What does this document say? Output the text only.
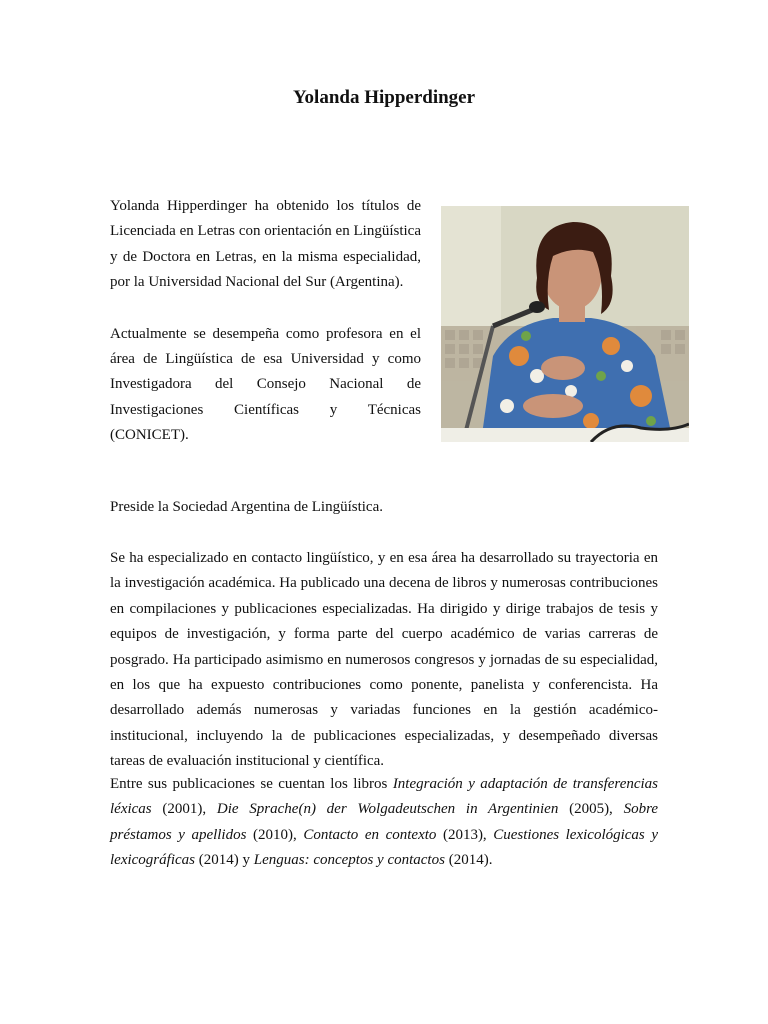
Yolanda Hipperdinger

Yolanda Hipperdinger ha obtenido los títulos de Licenciada en Letras con orientación en Lingüística y de Doctora en Letras, en la misma especialidad, por la Universidad Nacional del Sur (Argentina).

Actualmente se desempeña como profesora en el área de Lingüística de esa Universidad y como Investigadora del Consejo Nacional de Investigaciones Científicas y Técnicas (CONICET).

Preside la Sociedad Argentina de Lingüística.

Se ha especializado en contacto lingüístico, y en esa área ha desarrollado su trayectoria en la investigación académica. Ha publicado una decena de libros y numerosas contribuciones en compilaciones y publicaciones especializadas. Ha dirigido y dirige trabajos de tesis y equipos de investigación, y forma parte del cuerpo académico de varias carreras de posgrado. Ha participado asimismo en numerosos congresos y jornadas de su especialidad, en los que ha expuesto contribuciones como ponente, panelista y conferencista. Ha desarrollado además numerosas y variadas funciones en la gestión académico-institucional, incluyendo la de publicaciones especializadas, y desempeñado diversas tareas de evaluación institucional y científica.

Entre sus publicaciones se cuentan los libros Integración y adaptación de transferencias léxicas (2001), Die Sprache(n) der Wolgadeutschen in Argentinien (2005), Sobre préstamos y apellidos (2010), Contacto en contexto (2013), Cuestiones lexicológicas y lexicográficas (2014) y Lenguas: conceptos y contactos (2014).
